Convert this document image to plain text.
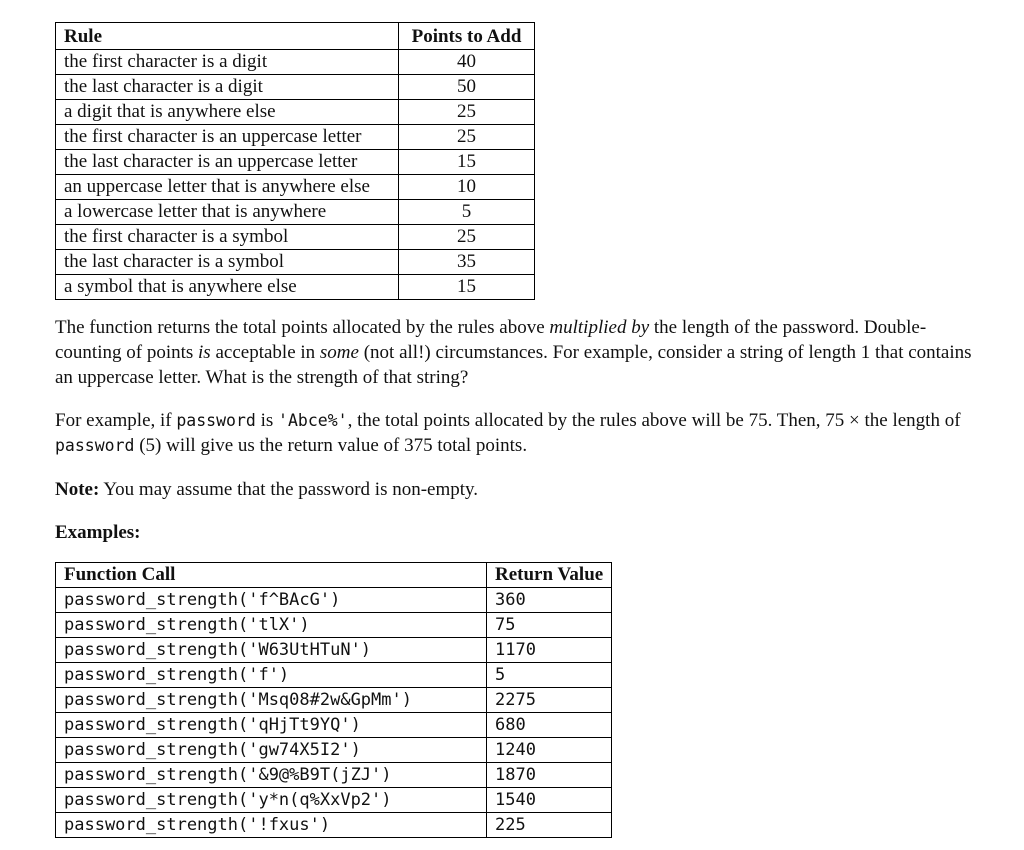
Rule	Points to Add
the first character is a digit	40
the last character is a digit	50
a digit that is anywhere else	25
the first character is an uppercase letter	25
the last character is an uppercase letter	15
an uppercase letter that is anywhere else	10
a lowercase letter that is anywhere	5
the first character is a symbol	25
the last character is a symbol	35
a symbol that is anywhere else	15

The function returns the total points allocated by the rules above multiplied by the length of the password. Double-counting of points is acceptable in some (not all!) circumstances. For example, consider a string of length 1 that contains an uppercase letter. What is the strength of that string?

For example, if password is 'Abce%', the total points allocated by the rules above will be 75. Then, 75 × the length of password (5) will give us the return value of 375 total points.

Note: You may assume that the password is non-empty.

Examples:

Function Call	Return Value
password_strength('f^BAcG')	360
password_strength('tlX')	75
password_strength('W63UtHTuN')	1170
password_strength('f')	5
password_strength('Msq08#2w&GpMm')	2275
password_strength('qHjTt9YQ')	680
password_strength('gw74X5I2')	1240
password_strength('&9@%B9T(jZJ')	1870
password_strength('y*n(q%XxVp2')	1540
password_strength('!fxus')	225
